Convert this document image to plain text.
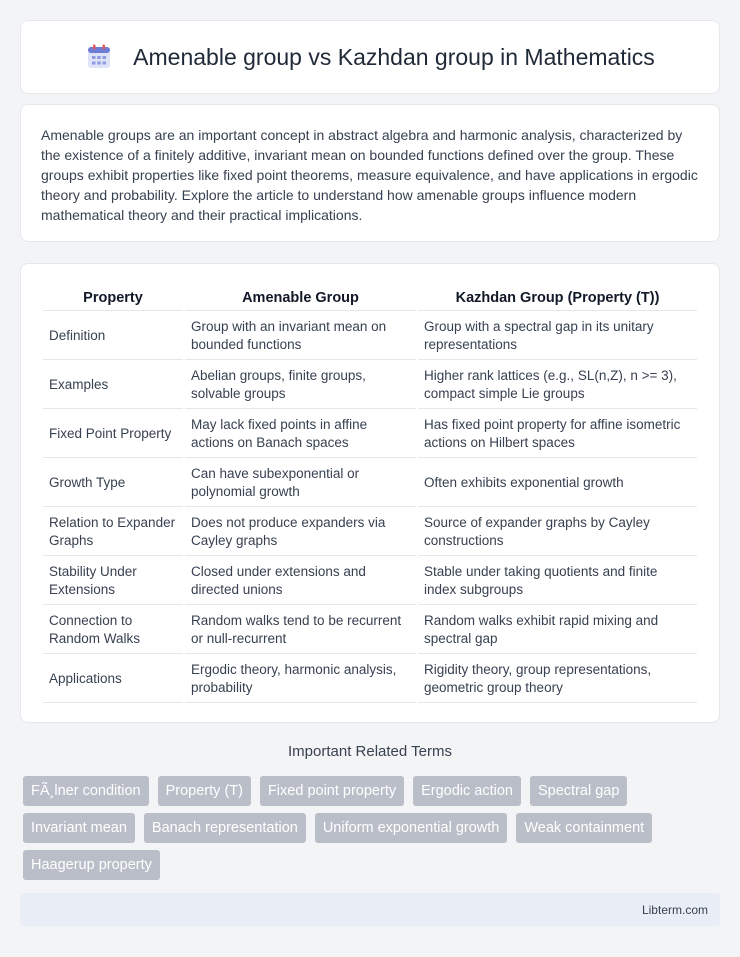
Amenable group vs Kazhdan group in Mathematics

Amenable groups are an important concept in abstract algebra and harmonic analysis, characterized by the existence of a finitely additive, invariant mean on bounded functions defined over the group. These groups exhibit properties like fixed point theorems, measure equivalence, and have applications in ergodic theory and probability. Explore the article to understand how amenable groups influence modern mathematical theory and their practical implications.

Property	Amenable Group	Kazhdan Group (Property (T))
Definition	Group with an invariant mean on bounded functions	Group with a spectral gap in its unitary representations
Examples	Abelian groups, finite groups, solvable groups	Higher rank lattices (e.g., SL(n,Z), n >= 3), compact simple Lie groups
Fixed Point Property	May lack fixed points in affine actions on Banach spaces	Has fixed point property for affine isometric actions on Hilbert spaces
Growth Type	Can have subexponential or polynomial growth	Often exhibits exponential growth
Relation to Expander Graphs	Does not produce expanders via Cayley graphs	Source of expander graphs by Cayley constructions
Stability Under Extensions	Closed under extensions and directed unions	Stable under taking quotients and finite index subgroups
Connection to Random Walks	Random walks tend to be recurrent or null-recurrent	Random walks exhibit rapid mixing and spectral gap
Applications	Ergodic theory, harmonic analysis, probability	Rigidity theory, group representations, geometric group theory
Important Related Terms
FÃ¸lner condition	Property (T)	Fixed point property	Ergodic action	Spectral gap
Invariant mean	Banach representation	Uniform exponential growth	Weak containment
Haagerup property
Libterm.com
